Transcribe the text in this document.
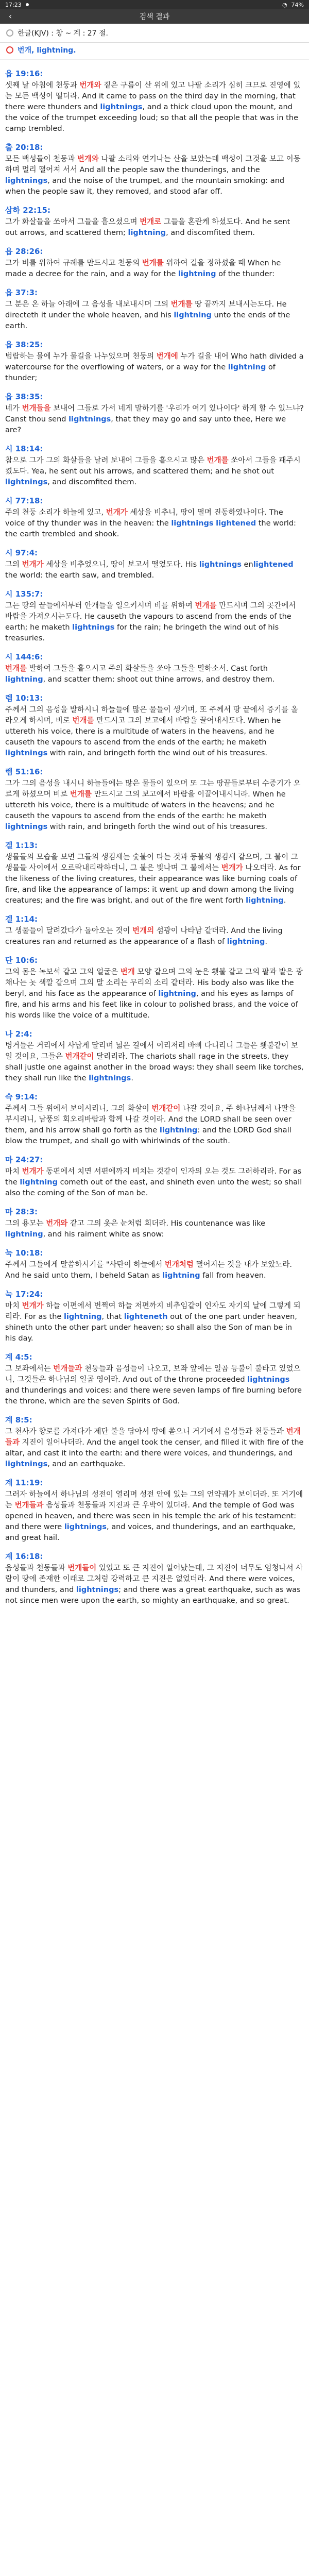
17:23	◔ 74%
‹	검색 결과
한글(KJV) : 창 ~ 계 : 27 절.
번개, lightning.
욥 19:16:
셋째 날 아침에 천둥과 번개와 짙은 구름이 산 위에 있고 나팔 소리가 심히 크므로 진영에 있는 모든 백성이 떨더라. And it came to pass on the third day in the morning, that there were thunders and lightnings, and a thick cloud upon the mount, and the voice of the trumpet exceeding loud; so that all the people that was in the camp trembled.
출 20:18:
모든 백성들이 천둥과 번개와 나팔 소리와 연기나는 산을 보았는데 백성이 그것을 보고 이동하며 멀리 떨어져 서서 And all the people saw the thunderings, and the lightnings, and the noise of the trumpet, and the mountain smoking: and when the people saw it, they removed, and stood afar off.
삼하 22:15:
그가 화살들을 쏘아서 그들을 흩으셨으며 번개로 그들을 혼란케 하셨도다. And he sent out arrows, and scattered them; lightning, and discomfited them.
욥 28:26:
그가 비를 위하여 규례를 만드시고 천둥의 번개를 위하여 길을 정하셨을 때 When he made a decree for the rain, and a way for the lightning of the thunder:
욥 37:3:
그 분은 온 하늘 아래에 그 음성을 내보내시며 그의 번개를 땅 끝까지 보내시는도다. He directeth it under the whole heaven, and his lightning unto the ends of the earth.
욥 38:25:
범람하는 물에 누가 물길을 나누었으며 천둥의 번개에 누가 길을 내어 Who hath divided a watercourse for the overflowing of waters, or a way for the lightning of thunder;
욥 38:35:
네가 번개들을 보내어 그들로 가서 네게 말하기를 '우리가 여기 있나이다' 하게 할 수 있느냐? Canst thou send lightnings, that they may go and say unto thee, Here we are?
시 18:14:
참으로 그가 그의 화살들을 날려 보내어 그들을 흩으시고 많은 번개를 쏘아서 그들을 패주시켰도다. Yea, he sent out his arrows, and scattered them; and he shot out lightnings, and discomfited them.
시 77:18:
주의 천둥 소리가 하늘에 있고, 번개가 세상을 비추니, 땅이 떨며 진동하였나이다. The voice of thy thunder was in the heaven: the lightnings lightened the world: the earth trembled and shook.
시 97:4:
그의 번개가 세상을 비추었으니, 땅이 보고서 떨었도다. His lightnings enlightened the world: the earth saw, and trembled.
시 135:7:
그는 땅의 끝들에서부터 안개들을 일으키시며 비를 위하여 번개를 만드시며 그의 곳간에서 바람을 가져오시는도다. He causeth the vapours to ascend from the ends of the earth; he maketh lightnings for the rain; he bringeth the wind out of his treasuries.
시 144:6:
번개를 발하여 그들을 흩으시고 주의 화살들을 쏘아 그들을 멸하소서. Cast forth lightning, and scatter them: shoot out thine arrows, and destroy them.
렘 10:13:
주께서 그의 음성을 발하시니 하늘들에 많은 물들이 생기며, 또 주께서 땅 끝에서 증기를 올라오게 하시며, 비로 번개를 만드시고 그의 보고에서 바람을 끌어내시도다. When he uttereth his voice, there is a multitude of waters in the heavens, and he causeth the vapours to ascend from the ends of the earth; he maketh lightnings with rain, and bringeth forth the wind out of his treasures.
렘 51:16:
그가 그의 음성을 내시니 하늘들에는 많은 물들이 있으며 또 그는 땅끝들로부터 수증기가 오르게 하셨으며 비로 번개를 만드시고 그의 보고에서 바람을 이끌어내시니라. When he uttereth his voice, there is a multitude of waters in the heavens; and he causeth the vapours to ascend from the ends of the earth: he maketh lightnings with rain, and bringeth forth the wind out of his treasures.
겔 1:13:
생물들의 모습을 보면 그들의 생김새는 숯불이 타는 것과 등불의 생김새 같으며, 그 불이 그 생물들 사이에서 오르락내리락하더니, 그 불은 빛나며 그 불에서는 번개가 나오더라. As for the likeness of the living creatures, their appearance was like burning coals of fire, and like the appearance of lamps: it went up and down among the living creatures; and the fire was bright, and out of the fire went forth lightning.
겔 1:14:
그 생물들이 달려갔다가 돌아오는 것이 번개의 섬광이 나타남 같더라. And the living creatures ran and returned as the appearance of a flash of lightning.
단 10:6:
그의 몸은 녹보석 같고 그의 얼굴은 번개 모양 같으며 그의 눈은 횃불 같고 그의 팔과 발은 광채나는 놋 색깔 같으며 그의 말 소리는 무리의 소리 같더라. His body also was like the beryl, and his face as the appearance of lightning, and his eyes as lamps of fire, and his arms and his feet like in colour to polished brass, and the voice of his words like the voice of a multitude.
나 2:4:
병거들은 거리에서 사납게 달리며 넓은 길에서 이리저리 바삐 다니리니 그들은 횃불같이 보일 것이요, 그들은 번개같이 달리리라. The chariots shall rage in the streets, they shall justle one against another in the broad ways: they shall seem like torches, they shall run like the lightnings.
슥 9:14:
주께서 그들 위에서 보이시리니, 그의 화살이 번개같이 나갈 것이요, 주 하나님께서 나팔을 부시리니, 남풍의 회오리바람과 함께 나갈 것이라. And the LORD shall be seen over them, and his arrow shall go forth as the lightning: and the LORD God shall blow the trumpet, and shall go with whirlwinds of the south.
마 24:27:
마치 번개가 동편에서 치면 서편에까지 비치는 것같이 인자의 오는 것도 그러하리라. For as the lightning cometh out of the east, and shineth even unto the west; so shall also the coming of the Son of man be.
마 28:3:
그의 용모는 번개와 같고 그의 옷은 눈처럼 희더라. His countenance was like lightning, and his raiment white as snow:
눅 10:18:
주께서 그들에게 말씀하시기를 "사탄이 하늘에서 번개처럼 떨어지는 것을 내가 보았노라. And he said unto them, I beheld Satan as lightning fall from heaven.
눅 17:24:
마치 번개가 하늘 이편에서 번쩍여 하늘 저편까지 비추임같이 인자도 자기의 날에 그렇게 되리라. For as the lightning, that lighteneth out of the one part under heaven, shineth unto the other part under heaven; so shall also the Son of man be in his day.
계 4:5:
그 보좌에서는 번개들과 천둥들과 음성들이 나오고, 보좌 앞에는 일곱 등불이 불타고 있었으니, 그것들은 하나님의 일곱 영이라. And out of the throne proceeded lightnings and thunderings and voices: and there were seven lamps of fire burning before the throne, which are the seven Spirits of God.
계 8:5:
그 천사가 향로를 가져다가 제단 불을 담아서 땅에 쏟으니 거기에서 음성들과 천둥들과 번개들과 지진이 일어나더라. And the angel took the censer, and filled it with fire of the altar, and cast it into the earth: and there were voices, and thunderings, and lightnings, and an earthquake.
계 11:19:
그러자 하늘에서 하나님의 성전이 열리며 성전 안에 있는 그의 언약궤가 보이더라. 또 거기에는 번개들과 음성들과 천둥들과 지진과 큰 우박이 있더라. And the temple of God was opened in heaven, and there was seen in his temple the ark of his testament: and there were lightnings, and voices, and thunderings, and an earthquake, and great hail.
계 16:18:
음성들과 천둥들과 번개들이 있었고 또 큰 지진이 일어났는데, 그 지진이 너무도 엄청나서 사람이 땅에 존재한 이래로 그처럼 강력하고 큰 지진은 없었더라. And there were voices, and thunders, and lightnings; and there was a great earthquake, such as was not since men were upon the earth, so mighty an earthquake, and so great.
